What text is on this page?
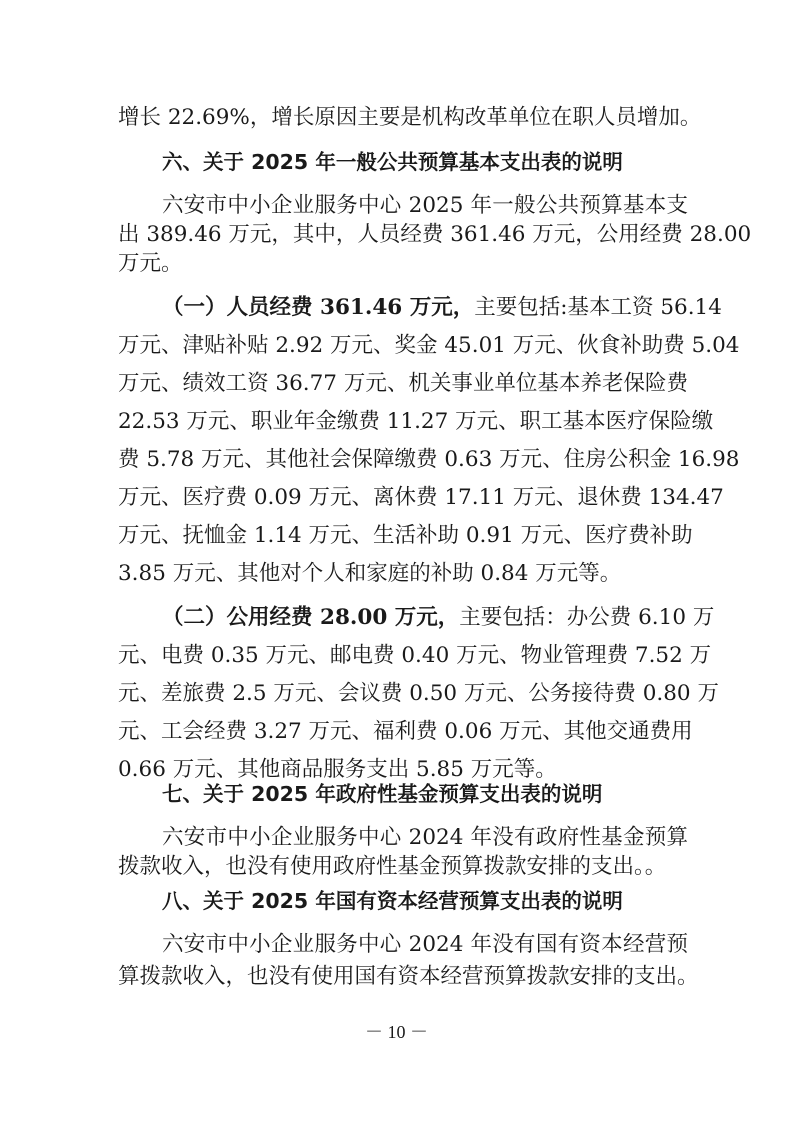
增长 22.69%，增长原因主要是机构改革单位在职人员增加。
六、关于 2025 年一般公共预算基本支出表的说明
六安市中小企业服务中心 2025 年一般公共预算基本支
出 389.46 万元，其中，人员经费 361.46 万元，公用经费 28.00
万元。
（一）人员经费 361.46 万元，主要包括:基本工资 56.14
万元、津贴补贴 2.92 万元、奖金 45.01 万元、伙食补助费 5.04
万元、绩效工资 36.77 万元、机关事业单位基本养老保险费
22.53 万元、职业年金缴费 11.27 万元、职工基本医疗保险缴
费 5.78 万元、其他社会保障缴费 0.63 万元、住房公积金 16.98
万元、医疗费 0.09 万元、离休费 17.11 万元、退休费 134.47
万元、抚恤金 1.14 万元、生活补助 0.91 万元、医疗费补助
3.85 万元、其他对个人和家庭的补助 0.84 万元等。
（二）公用经费 28.00 万元，主要包括：办公费 6.10 万
元、电费 0.35 万元、邮电费 0.40 万元、物业管理费 7.52 万
元、差旅费 2.5 万元、会议费 0.50 万元、公务接待费 0.80 万
元、工会经费 3.27 万元、福利费 0.06 万元、其他交通费用
0.66 万元、其他商品服务支出 5.85 万元等。
七、关于 2025 年政府性基金预算支出表的说明
六安市中小企业服务中心 2024 年没有政府性基金预算
拨款收入，也没有使用政府性基金预算拨款安排的支出。。
八、关于 2025 年国有资本经营预算支出表的说明
六安市中小企业服务中心 2024 年没有国有资本经营预
算拨款收入，也没有使用国有资本经营预算拨款安排的支出。
－ 10 －
